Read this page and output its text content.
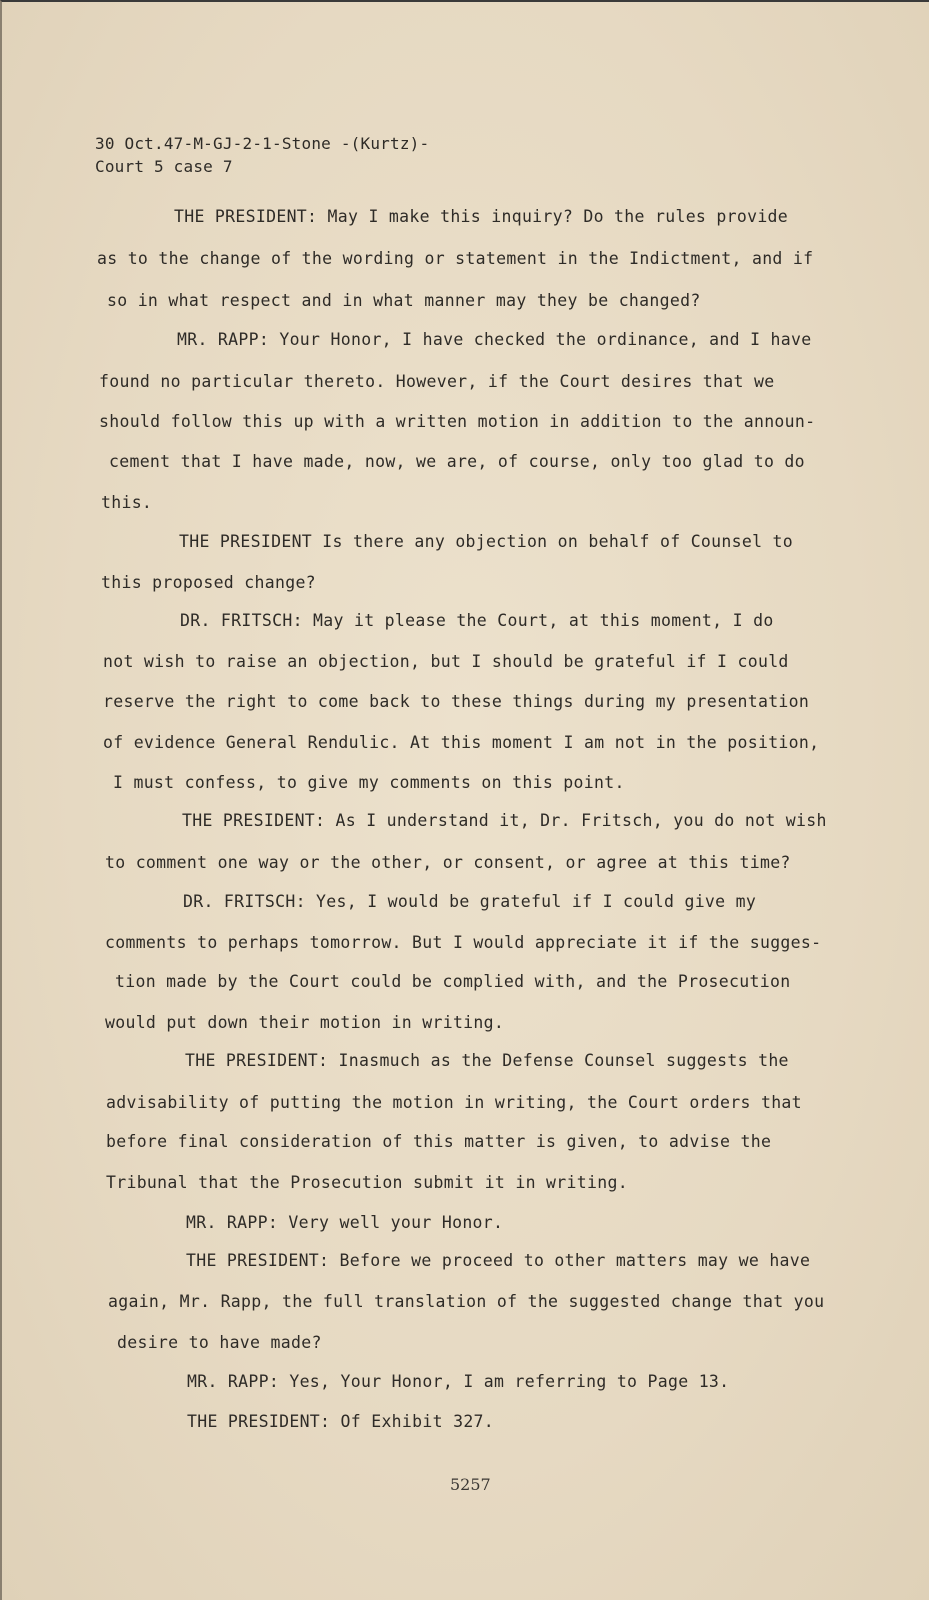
30 Oct.47-M-GJ-2-1-Stone -(Kurtz)-
Court 5 case 7
THE PRESIDENT: May I make this inquiry? Do the rules provide
as to the change of the wording or statement in the Indictment, and if
so in what respect and in what manner may they be changed?
MR. RAPP: Your Honor, I have checked the ordinance, and I have
found no particular thereto. However, if the Court desires that we
should follow this up with a written motion in addition to the announ-
cement that I have made, now, we are, of course, only too glad to do
this.
THE PRESIDENT Is there any objection on behalf of Counsel to
this proposed change?
DR. FRITSCH: May it please the Court, at this moment, I do
not wish to raise an objection, but I should be grateful if I could
reserve the right to come back to these things during my presentation
of evidence General Rendulic. At this moment I am not in the position,
I must confess, to give my comments on this point.
THE PRESIDENT: As I understand it, Dr. Fritsch, you do not wish
to comment one way or the other, or consent, or agree at this time?
DR. FRITSCH: Yes, I would be grateful if I could give my
comments to perhaps tomorrow. But I would appreciate it if the sugges-
tion made by the Court could be complied with, and the Prosecution
would put down their motion in writing.
THE PRESIDENT: Inasmuch as the Defense Counsel suggests the
advisability of putting the motion in writing, the Court orders that
before final consideration of this matter is given, to advise the
Tribunal that the Prosecution submit it in writing.
MR. RAPP: Very well your Honor.
THE PRESIDENT: Before we proceed to other matters may we have
again, Mr. Rapp, the full translation of the suggested change that you
desire to have made?
MR. RAPP: Yes, Your Honor, I am referring to Page 13.
THE PRESIDENT: Of Exhibit 327.
5257
